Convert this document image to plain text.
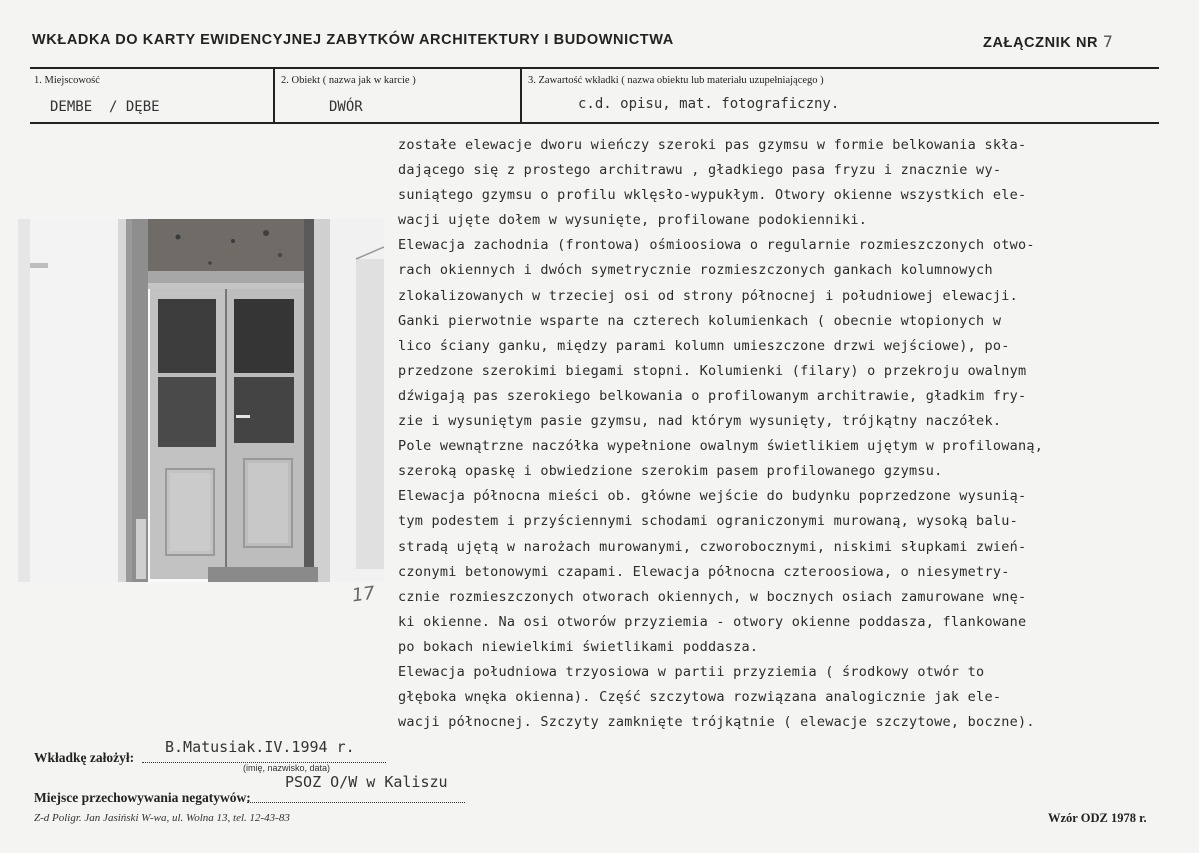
WKŁADKA DO KARTY EWIDENCYJNEJ ZABYTKÓW ARCHITEKTURY I BUDOWNICTWA	ZAŁĄCZNIK NR 7
1. Miejscowość
DEMBE  / DĘBE
2. Obiekt ( nazwa jak w karcie )
DWÓR
3. Zawartość wkładki ( nazwa obiektu lub materiału uzupełniającego )
c.d. opisu, mat. fotograficzny.
17
zostałe elewacje dworu wieńczy szeroki pas gzymsu w formie belkowania skła-
dającego się z prostego architrawu , gładkiego pasa fryzu i znacznie wy-
suniątego gzymsu o profilu wklęsło-wypukłym. Otwory okienne wszystkich ele-
wacji ujęte dołem w wysunięte, profilowane podokienniki.
Elewacja zachodnia (frontowa) ośmioosiowa o regularnie rozmieszczonych otwo-
rach okiennych i dwóch symetrycznie rozmieszczonych gankach kolumnowych
zlokalizowanych w trzeciej osi od strony północnej i południowej elewacji.
Ganki pierwotnie wsparte na czterech kolumienkach ( obecnie wtopionych w
lico ściany ganku, między parami kolumn umieszczone drzwi wejściowe), po-
przedzone szerokimi biegami stopni. Kolumienki (filary) o przekroju owalnym
dźwigają pas szerokiego belkowania o profilowanym architrawie, gładkim fry-
zie i wysuniętym pasie gzymsu, nad którym wysunięty, trójkątny naczółek.
Pole wewnątrzne naczółka wypełnione owalnym świetlikiem ujętym w profilowaną,
szeroką opaskę i obwiedzione szerokim pasem profilowanego gzymsu.
Elewacja północna mieści ob. główne wejście do budynku poprzedzone wysunią-
tym podestem i przyściennymi schodami ograniczonymi murowaną, wysoką balu-
stradą ujętą w narożach murowanymi, czworobocznymi, niskimi słupkami zwień-
czonymi betonowymi czapami. Elewacja północna czteroosiowa, o niesymetry-
cznie rozmieszczonych otworach okiennych, w bocznych osiach zamurowane wnę-
ki okienne. Na osi otworów przyziemia - otwory okienne poddasza, flankowane
po bokach niewielkimi świetlikami poddasza.
Elewacja południowa trzyosiowa w partii przyziemia ( środkowy otwór to
głęboka wnęka okienna). Część szczytowa rozwiązana analogicznie jak ele-
wacji północnej. Szczyty zamknięte trójkątnie ( elewacje szczytowe, boczne).
Wkładkę założył:
B.Matusiak.IV.1994 r.
(imię, nazwisko, data)
Miejsce przechowywania negatywów:
PSOZ O/W w Kaliszu
Z-d Poligr. Jan Jasiński W-wa, ul. Wolna 13, tel. 12-43-83	Wzór ODZ 1978 r.
